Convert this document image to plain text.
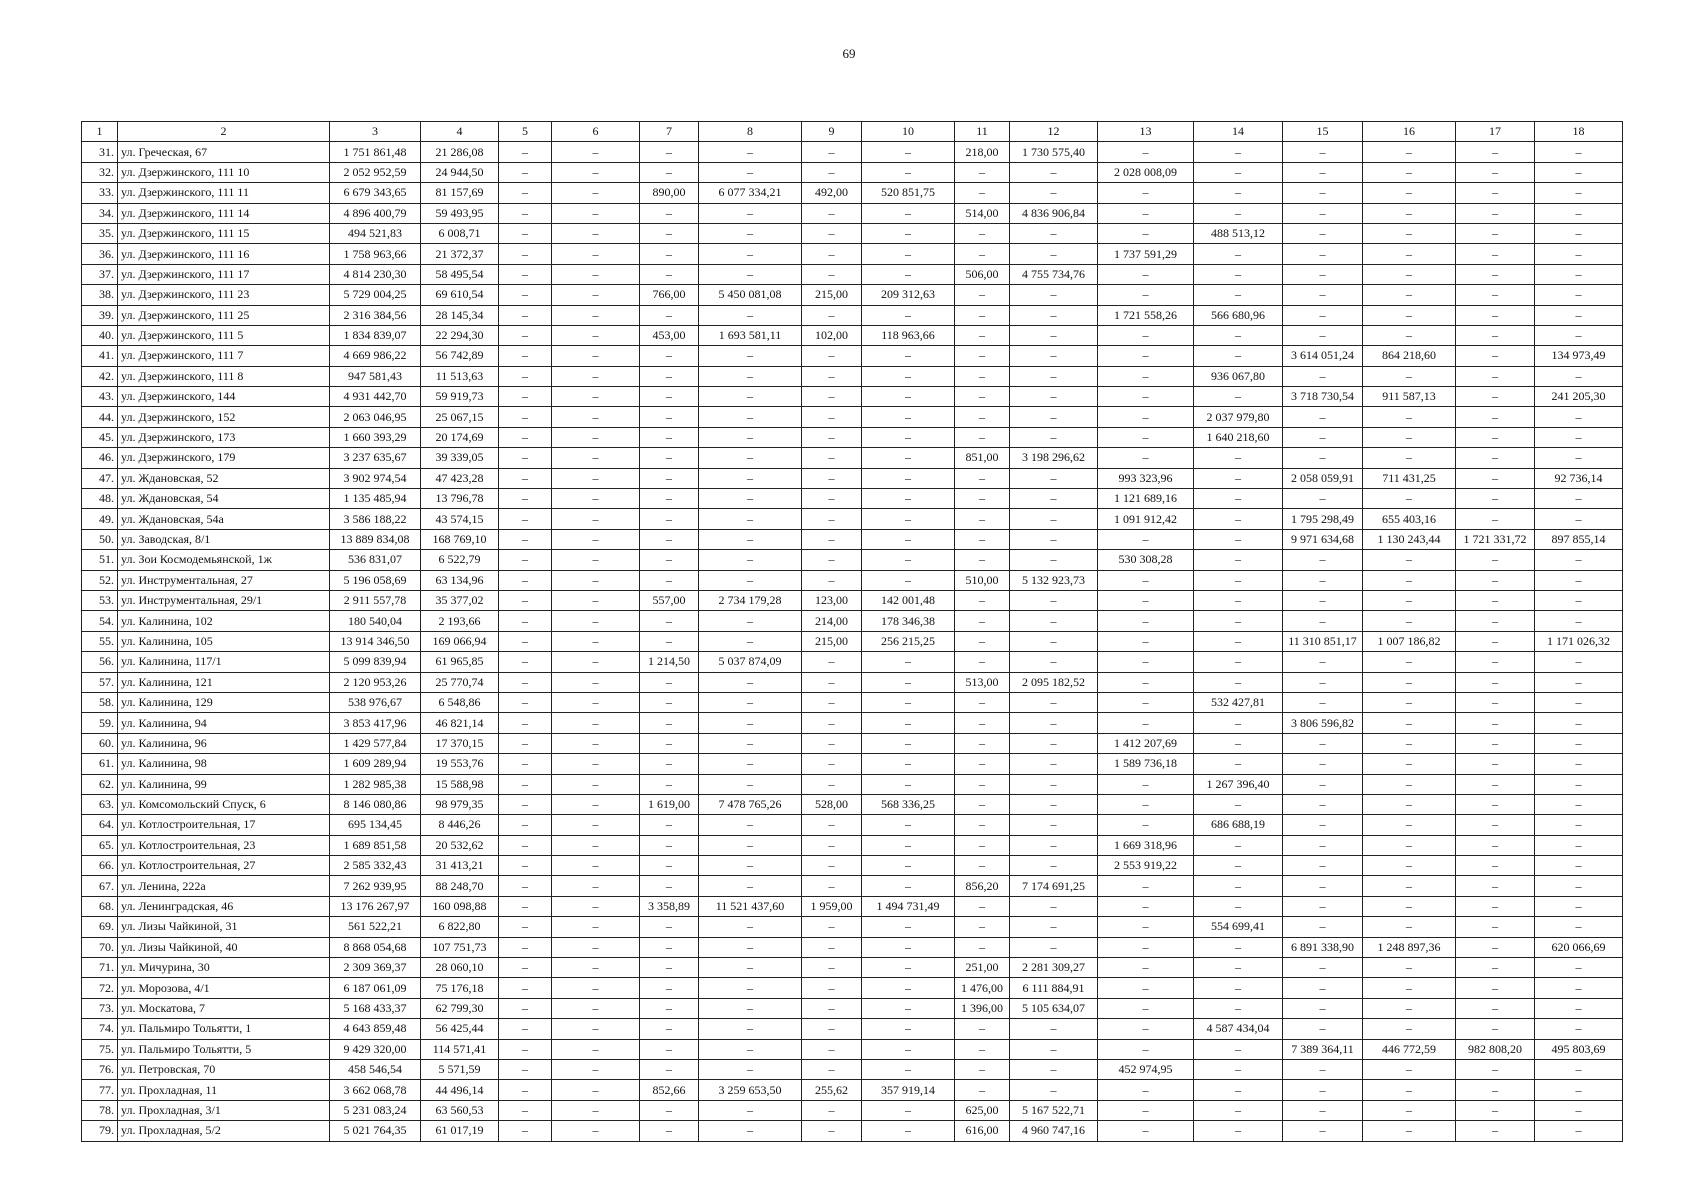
69
1	2	3	4	5	6	7	8	9	10	11	12	13	14	15	16	17	18
31.	ул. Греческая, 67	1 751 861,48	21 286,08	–	–	–	–	–	–	218,00	1 730 575,40	–	–	–	–	–	–
32.	ул. Дзержинского, 111 10	2 052 952,59	24 944,50	–	–	–	–	–	–	–	–	2 028 008,09	–	–	–	–	–
33.	ул. Дзержинского, 111 11	6 679 343,65	81 157,69	–	–	890,00	6 077 334,21	492,00	520 851,75	–	–	–	–	–	–	–	–
34.	ул. Дзержинского, 111 14	4 896 400,79	59 493,95	–	–	–	–	–	–	514,00	4 836 906,84	–	–	–	–	–	–
35.	ул. Дзержинского, 111 15	494 521,83	6 008,71	–	–	–	–	–	–	–	–	–	488 513,12	–	–	–	–
36.	ул. Дзержинского, 111 16	1 758 963,66	21 372,37	–	–	–	–	–	–	–	–	1 737 591,29	–	–	–	–	–
37.	ул. Дзержинского, 111 17	4 814 230,30	58 495,54	–	–	–	–	–	–	506,00	4 755 734,76	–	–	–	–	–	–
38.	ул. Дзержинского, 111 23	5 729 004,25	69 610,54	–	–	766,00	5 450 081,08	215,00	209 312,63	–	–	–	–	–	–	–	–
39.	ул. Дзержинского, 111 25	2 316 384,56	28 145,34	–	–	–	–	–	–	–	–	1 721 558,26	566 680,96	–	–	–	–
40.	ул. Дзержинского, 111 5	1 834 839,07	22 294,30	–	–	453,00	1 693 581,11	102,00	118 963,66	–	–	–	–	–	–	–	–
41.	ул. Дзержинского, 111 7	4 669 986,22	56 742,89	–	–	–	–	–	–	–	–	–	–	3 614 051,24	864 218,60	–	134 973,49
42.	ул. Дзержинского, 111 8	947 581,43	11 513,63	–	–	–	–	–	–	–	–	–	936 067,80	–	–	–	–
43.	ул. Дзержинского, 144	4 931 442,70	59 919,73	–	–	–	–	–	–	–	–	–	–	3 718 730,54	911 587,13	–	241 205,30
44.	ул. Дзержинского, 152	2 063 046,95	25 067,15	–	–	–	–	–	–	–	–	–	2 037 979,80	–	–	–	–
45.	ул. Дзержинского, 173	1 660 393,29	20 174,69	–	–	–	–	–	–	–	–	–	1 640 218,60	–	–	–	–
46.	ул. Дзержинского, 179	3 237 635,67	39 339,05	–	–	–	–	–	–	851,00	3 198 296,62	–	–	–	–	–	–
47.	ул. Ждановская, 52	3 902 974,54	47 423,28	–	–	–	–	–	–	–	–	993 323,96	–	2 058 059,91	711 431,25	–	92 736,14
48.	ул. Ждановская, 54	1 135 485,94	13 796,78	–	–	–	–	–	–	–	–	1 121 689,16	–	–	–	–	–
49.	ул. Ждановская, 54а	3 586 188,22	43 574,15	–	–	–	–	–	–	–	–	1 091 912,42	–	1 795 298,49	655 403,16	–	–
50.	ул. Заводская, 8/1	13 889 834,08	168 769,10	–	–	–	–	–	–	–	–	–	–	9 971 634,68	1 130 243,44	1 721 331,72	897 855,14
51.	ул. Зои Космодемьянской, 1ж	536 831,07	6 522,79	–	–	–	–	–	–	–	–	530 308,28	–	–	–	–	–
52.	ул. Инструментальная, 27	5 196 058,69	63 134,96	–	–	–	–	–	–	510,00	5 132 923,73	–	–	–	–	–	–
53.	ул. Инструментальная, 29/1	2 911 557,78	35 377,02	–	–	557,00	2 734 179,28	123,00	142 001,48	–	–	–	–	–	–	–	–
54.	ул. Калинина, 102	180 540,04	2 193,66	–	–	–	–	214,00	178 346,38	–	–	–	–	–	–	–	–
55.	ул. Калинина, 105	13 914 346,50	169 066,94	–	–	–	–	215,00	256 215,25	–	–	–	–	11 310 851,17	1 007 186,82	–	1 171 026,32
56.	ул. Калинина, 117/1	5 099 839,94	61 965,85	–	–	1 214,50	5 037 874,09	–	–	–	–	–	–	–	–	–	–
57.	ул. Калинина, 121	2 120 953,26	25 770,74	–	–	–	–	–	–	513,00	2 095 182,52	–	–	–	–	–	–
58.	ул. Калинина, 129	538 976,67	6 548,86	–	–	–	–	–	–	–	–	–	532 427,81	–	–	–	–
59.	ул. Калинина, 94	3 853 417,96	46 821,14	–	–	–	–	–	–	–	–	–	–	3 806 596,82	–	–	–
60.	ул. Калинина, 96	1 429 577,84	17 370,15	–	–	–	–	–	–	–	–	1 412 207,69	–	–	–	–	–
61.	ул. Калинина, 98	1 609 289,94	19 553,76	–	–	–	–	–	–	–	–	1 589 736,18	–	–	–	–	–
62.	ул. Калинина, 99	1 282 985,38	15 588,98	–	–	–	–	–	–	–	–	–	1 267 396,40	–	–	–	–
63.	ул. Комсомольский Спуск, 6	8 146 080,86	98 979,35	–	–	1 619,00	7 478 765,26	528,00	568 336,25	–	–	–	–	–	–	–	–
64.	ул. Котлостроительная, 17	695 134,45	8 446,26	–	–	–	–	–	–	–	–	–	686 688,19	–	–	–	–
65.	ул. Котлостроительная, 23	1 689 851,58	20 532,62	–	–	–	–	–	–	–	–	1 669 318,96	–	–	–	–	–
66.	ул. Котлостроительная, 27	2 585 332,43	31 413,21	–	–	–	–	–	–	–	–	2 553 919,22	–	–	–	–	–
67.	ул. Ленина, 222а	7 262 939,95	88 248,70	–	–	–	–	–	–	856,20	7 174 691,25	–	–	–	–	–	–
68.	ул. Ленинградская, 46	13 176 267,97	160 098,88	–	–	3 358,89	11 521 437,60	1 959,00	1 494 731,49	–	–	–	–	–	–	–	–
69.	ул. Лизы Чайкиной, 31	561 522,21	6 822,80	–	–	–	–	–	–	–	–	–	554 699,41	–	–	–	–
70.	ул. Лизы Чайкиной, 40	8 868 054,68	107 751,73	–	–	–	–	–	–	–	–	–	–	6 891 338,90	1 248 897,36	–	620 066,69
71.	ул. Мичурина, 30	2 309 369,37	28 060,10	–	–	–	–	–	–	251,00	2 281 309,27	–	–	–	–	–	–
72.	ул. Морозова, 4/1	6 187 061,09	75 176,18	–	–	–	–	–	–	1 476,00	6 111 884,91	–	–	–	–	–	–
73.	ул. Москатова, 7	5 168 433,37	62 799,30	–	–	–	–	–	–	1 396,00	5 105 634,07	–	–	–	–	–	–
74.	ул. Пальмиро Тольятти, 1	4 643 859,48	56 425,44	–	–	–	–	–	–	–	–	–	4 587 434,04	–	–	–	–
75.	ул. Пальмиро Тольятти, 5	9 429 320,00	114 571,41	–	–	–	–	–	–	–	–	–	–	7 389 364,11	446 772,59	982 808,20	495 803,69
76.	ул. Петровская, 70	458 546,54	5 571,59	–	–	–	–	–	–	–	–	452 974,95	–	–	–	–	–
77.	ул. Прохладная, 11	3 662 068,78	44 496,14	–	–	852,66	3 259 653,50	255,62	357 919,14	–	–	–	–	–	–	–	–
78.	ул. Прохладная, 3/1	5 231 083,24	63 560,53	–	–	–	–	–	–	625,00	5 167 522,71	–	–	–	–	–	–
79.	ул. Прохладная, 5/2	5 021 764,35	61 017,19	–	–	–	–	–	–	616,00	4 960 747,16	–	–	–	–	–	–
